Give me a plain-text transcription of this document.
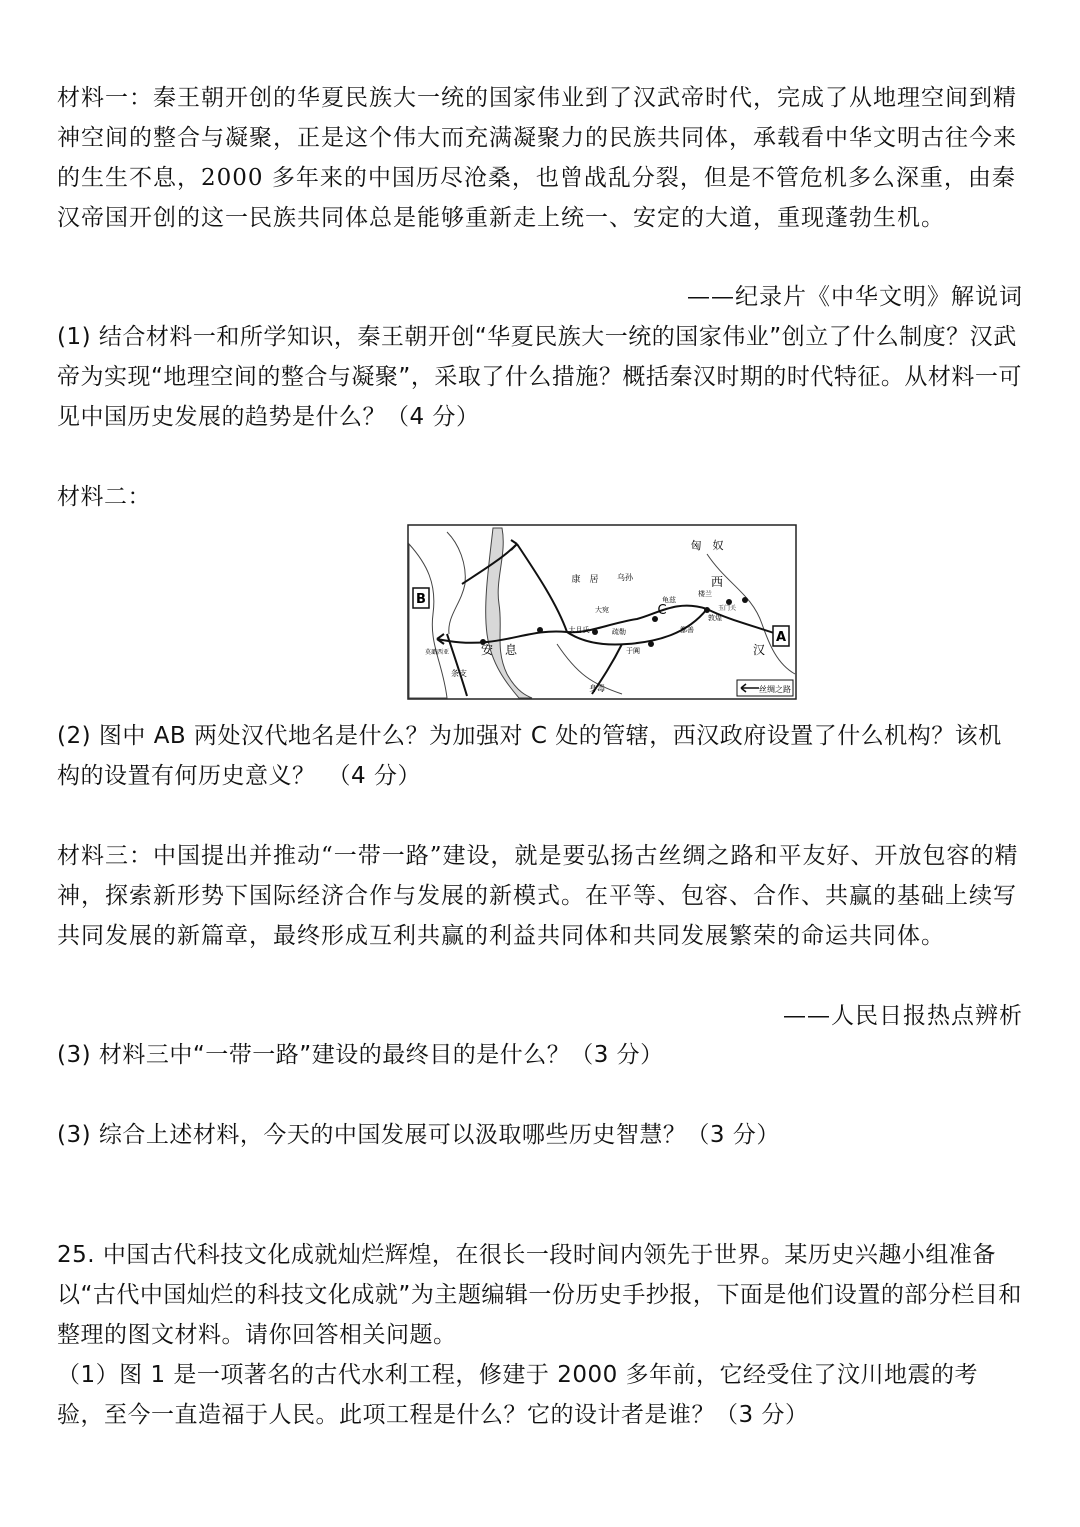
材料一：秦王朝开创的华夏民族大一统的国家伟业到了汉武帝时代，完成了从地理空间到精神空间的整合与凝聚，正是这个伟大而充满凝聚力的民族共同体，承载看中华文明古往今来的生生不息，2000 多年来的中国历尽沧桑，也曾战乱分裂，但是不管危机多么深重，由秦汉帝国开创的这一民族共同体总是能够重新走上统一、安定的大道，重现蓬勃生机。

——纪录片《中华文明》解说词

(1) 结合材料一和所学知识，秦王朝开创“华夏民族大一统的国家伟业”创立了什么制度？汉武帝为实现“地理空间的整合与凝聚”，采取了什么措施？概括秦汉时期的时代特征。从材料一可见中国历史发展的趋势是什么？（4 分）

材料二：

B
A
C
匈　奴
西
汉
安　息
条支
身毒
康　居 乌孙
大宛
大月氏	疏勒
于阗
鄯善
楼兰
敦煌
玉门关
龟兹
莫璐西亚
丝绸之路

(2) 图中 AB 两处汉代地名是什么？为加强对 C 处的管辖，西汉政府设置了什么机构？该机构的设置有何历史意义？　（4 分）

材料三：中国提出并推动“一带一路”建设，就是要弘扬古丝绸之路和平友好、开放包容的精神，探索新形势下国际经济合作与发展的新模式。在平等、包容、合作、共赢的基础上续写共同发展的新篇章，最终形成互利共赢的利益共同体和共同发展繁荣的命运共同体。

——人民日报热点辨析

(3) 材料三中“一带一路”建设的最终目的是什么？（3 分）

(3) 综合上述材料，今天的中国发展可以汲取哪些历史智慧？（3 分）

25. 中国古代科技文化成就灿烂辉煌，在很长一段时间内领先于世界。某历史兴趣小组准备以“古代中国灿烂的科技文化成就”为主题编辑一份历史手抄报，下面是他们设置的部分栏目和整理的图文材料。请你回答相关问题。

（1）图 1 是一项著名的古代水利工程，修建于 2000 多年前，它经受住了汶川地震的考验，至今一直造福于人民。此项工程是什么？它的设计者是谁？（3 分）
